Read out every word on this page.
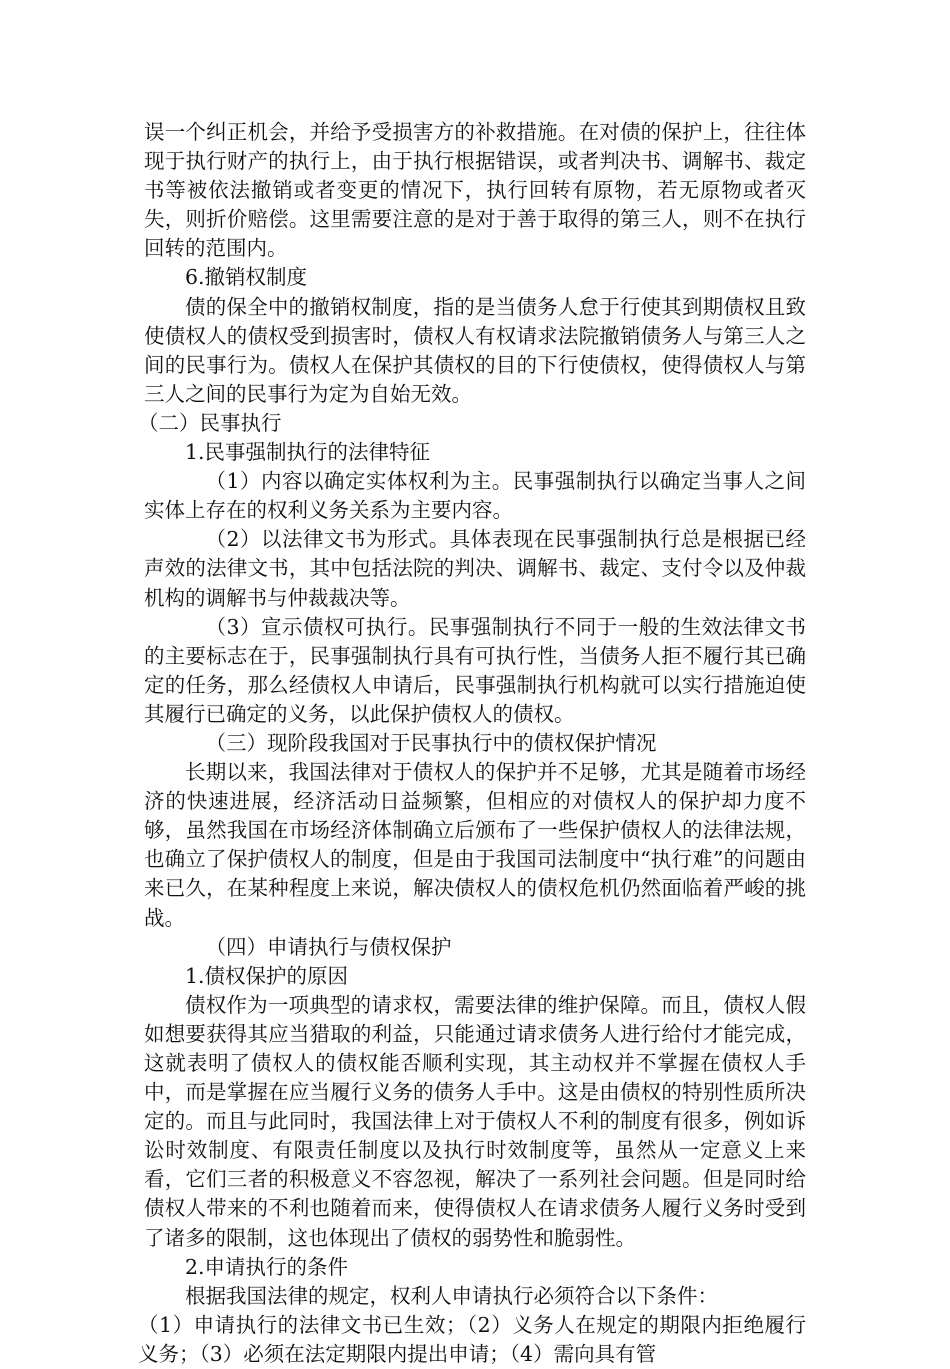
误一个纠正机会，并给予受损害方的补救措施。在对债的保护上，往往体现于执行财产的执行上，由于执行根据错误，或者判决书、调解书、裁定书等被依法撤销或者变更的情况下，执行回转有原物，若无原物或者灭失，则折价赔偿。这里需要注意的是对于善于取得的第三人，则不在执行回转的范围内。

6.撤销权制度

债的保全中的撤销权制度，指的是当债务人怠于行使其到期债权且致使债权人的债权受到损害时，债权人有权请求法院撤销债务人与第三人之间的民事行为。债权人在保护其债权的目的下行使债权，使得债权人与第三人之间的民事行为定为自始无效。

（二）民事执行

1.民事强制执行的法律特征

（1）内容以确定实体权利为主。民事强制执行以确定当事人之间实体上存在的权利义务关系为主要内容。

（2）以法律文书为形式。具体表现在民事强制执行总是根据已经声效的法律文书，其中包括法院的判决、调解书、裁定、支付令以及仲裁机构的调解书与仲裁裁决等。

（3）宣示债权可执行。民事强制执行不同于一般的生效法律文书的主要标志在于，民事强制执行具有可执行性，当债务人拒不履行其已确定的任务，那么经债权人申请后，民事强制执行机构就可以实行措施迫使其履行已确定的义务，以此保护债权人的债权。

（三）现阶段我国对于民事执行中的债权保护情况

长期以来，我国法律对于债权人的保护并不足够，尤其是随着市场经济的快速进展，经济活动日益频繁，但相应的对债权人的保护却力度不够，虽然我国在市场经济体制确立后颁布了一些保护债权人的法律法规，也确立了保护债权人的制度，但是由于我国司法制度中“执行难”的问题由来已久，在某种程度上来说，解决债权人的债权危机仍然面临着严峻的挑战。

（四）申请执行与债权保护

1.债权保护的原因

债权作为一项典型的请求权，需要法律的维护保障。而且，债权人假如想要获得其应当猎取的利益，只能通过请求债务人进行给付才能完成，这就表明了债权人的债权能否顺利实现，其主动权并不掌握在债权人手中，而是掌握在应当履行义务的债务人手中。这是由债权的特别性质所决定的。而且与此同时，我国法律上对于债权人不利的制度有很多，例如诉讼时效制度、有限责任制度以及执行时效制度等，虽然从一定意义上来看，它们三者的积极意义不容忽视，解决了一系列社会问题。但是同时给债权人带来的不利也随着而来，使得债权人在请求债务人履行义务时受到了诸多的限制，这也体现出了债权的弱势性和脆弱性。

2.申请执行的条件

根据我国法律的规定，权利人申请执行必须符合以下条件：

（1）申请执行的法律文书已生效；（2）义务人在规定的期限内拒绝履行义务；（3）必须在法定期限内提出申请；（4）需向具有管
